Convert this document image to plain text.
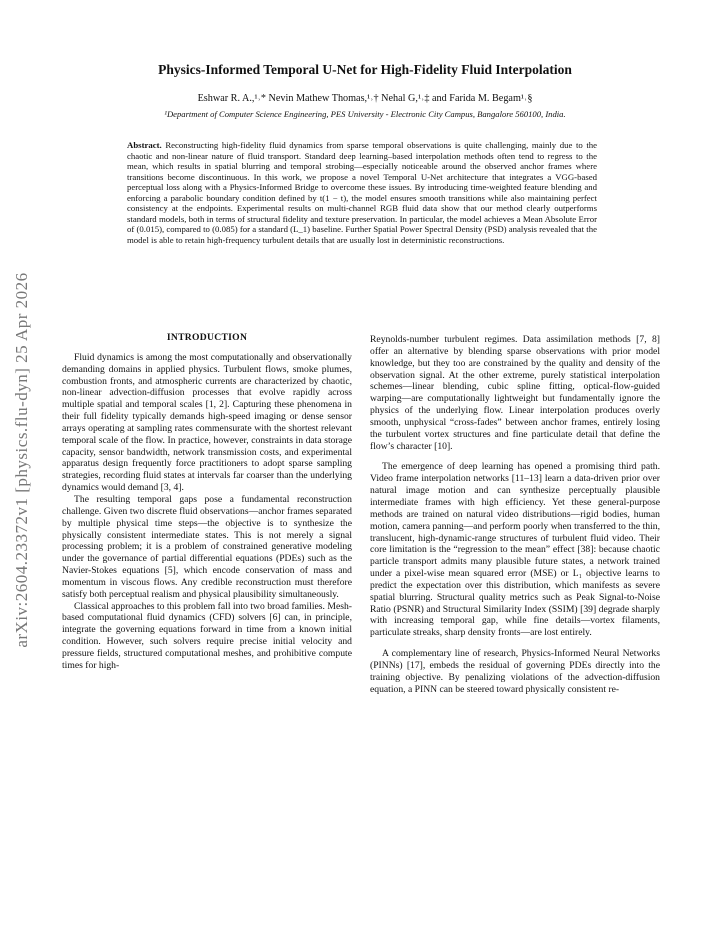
arXiv:2604.23372v1 [physics.flu-dyn] 25 Apr 2026
Physics-Informed Temporal U-Net for High-Fidelity Fluid Interpolation
Eshwar R. A.,¹˒* Nevin Mathew Thomas,¹˒† Nehal G,¹˒‡ and Farida M. Begam¹˒§
¹Department of Computer Science Engineering, PES University - Electronic City Campus, Bangalore 560100, India.
Abstract. Reconstructing high-fidelity fluid dynamics from sparse temporal observations is quite challenging, mainly due to the chaotic and non-linear nature of fluid transport. Standard deep learning–based interpolation methods often tend to regress to the mean, which results in spatial blurring and temporal strobing—especially noticeable around the observed anchor frames where transitions become discontinuous. In this work, we propose a novel Temporal U-Net architecture that integrates a VGG-based perceptual loss along with a Physics-Informed Bridge to overcome these issues. By introducing time-weighted feature blending and enforcing a parabolic boundary condition defined by t(1 − t), the model ensures smooth transitions while also maintaining perfect consistency at the endpoints. Experimental results on multi-channel RGB fluid data show that our method clearly outperforms standard models, both in terms of structural fidelity and texture preservation. In particular, the model achieves a Mean Absolute Error of (0.015), compared to (0.085) for a standard (L_1) baseline. Further Spatial Power Spectral Density (PSD) analysis revealed that the model is able to retain high-frequency turbulent details that are usually lost in deterministic reconstructions.
INTRODUCTION

Fluid dynamics is among the most computationally and observationally demanding domains in applied physics. Turbulent flows, smoke plumes, combustion fronts, and atmospheric currents are characterized by chaotic, non-linear advection-diffusion processes that evolve rapidly across multiple spatial and temporal scales [1, 2]. Capturing these phenomena in their full fidelity typically demands high-speed imaging or dense sensor arrays operating at sampling rates commensurate with the shortest relevant temporal scale of the flow. In practice, however, constraints in data storage capacity, sensor bandwidth, network transmission costs, and experimental apparatus design frequently force practitioners to adopt sparse sampling strategies, recording fluid states at intervals far coarser than the underlying dynamics would demand [3, 4].

The resulting temporal gaps pose a fundamental reconstruction challenge. Given two discrete fluid observations—anchor frames separated by multiple physical time steps—the objective is to synthesize the physically consistent intermediate states. This is not merely a signal processing problem; it is a problem of constrained generative modeling under the governance of partial differential equations (PDEs) such as the Navier-Stokes equations [5], which encode conservation of mass and momentum in viscous flows. Any credible reconstruction must therefore satisfy both perceptual realism and physical plausibility simultaneously.

Classical approaches to this problem fall into two broad families. Mesh-based computational fluid dynamics (CFD) solvers [6] can, in principle, integrate the governing equations forward in time from a known initial condition. However, such solvers require precise initial velocity and pressure fields, structured computational meshes, and prohibitive compute times for high-

Reynolds-number turbulent regimes. Data assimilation methods [7, 8] offer an alternative by blending sparse observations with prior model knowledge, but they too are constrained by the quality and density of the observation signal. At the other extreme, purely statistical interpolation schemes—linear blending, cubic spline fitting, optical-flow-guided warping—are computationally lightweight but fundamentally ignore the physics of the underlying flow. Linear interpolation produces overly smooth, unphysical “cross-fades” between anchor frames, entirely losing the turbulent vortex structures and fine particulate detail that define the flow’s character [10].

The emergence of deep learning has opened a promising third path. Video frame interpolation networks [11–13] learn a data-driven prior over natural image motion and can synthesize perceptually plausible intermediate frames with high efficiency. Yet these general-purpose methods are trained on natural video distributions—rigid bodies, human motion, camera panning—and perform poorly when transferred to the thin, translucent, high-dynamic-range structures of turbulent fluid video. Their core limitation is the “regression to the mean” effect [38]: because chaotic particle transport admits many plausible future states, a network trained under a pixel-wise mean squared error (MSE) or L₁ objective learns to predict the expectation over this distribution, which manifests as severe spatial blurring. Structural quality metrics such as Peak Signal-to-Noise Ratio (PSNR) and Structural Similarity Index (SSIM) [39] degrade sharply with increasing temporal gap, while fine details—vortex filaments, particulate streaks, sharp density fronts—are lost entirely.

A complementary line of research, Physics-Informed Neural Networks (PINNs) [17], embeds the residual of governing PDEs directly into the training objective. By penalizing violations of the advection-diffusion equation, a PINN can be steered toward physically consistent re-
